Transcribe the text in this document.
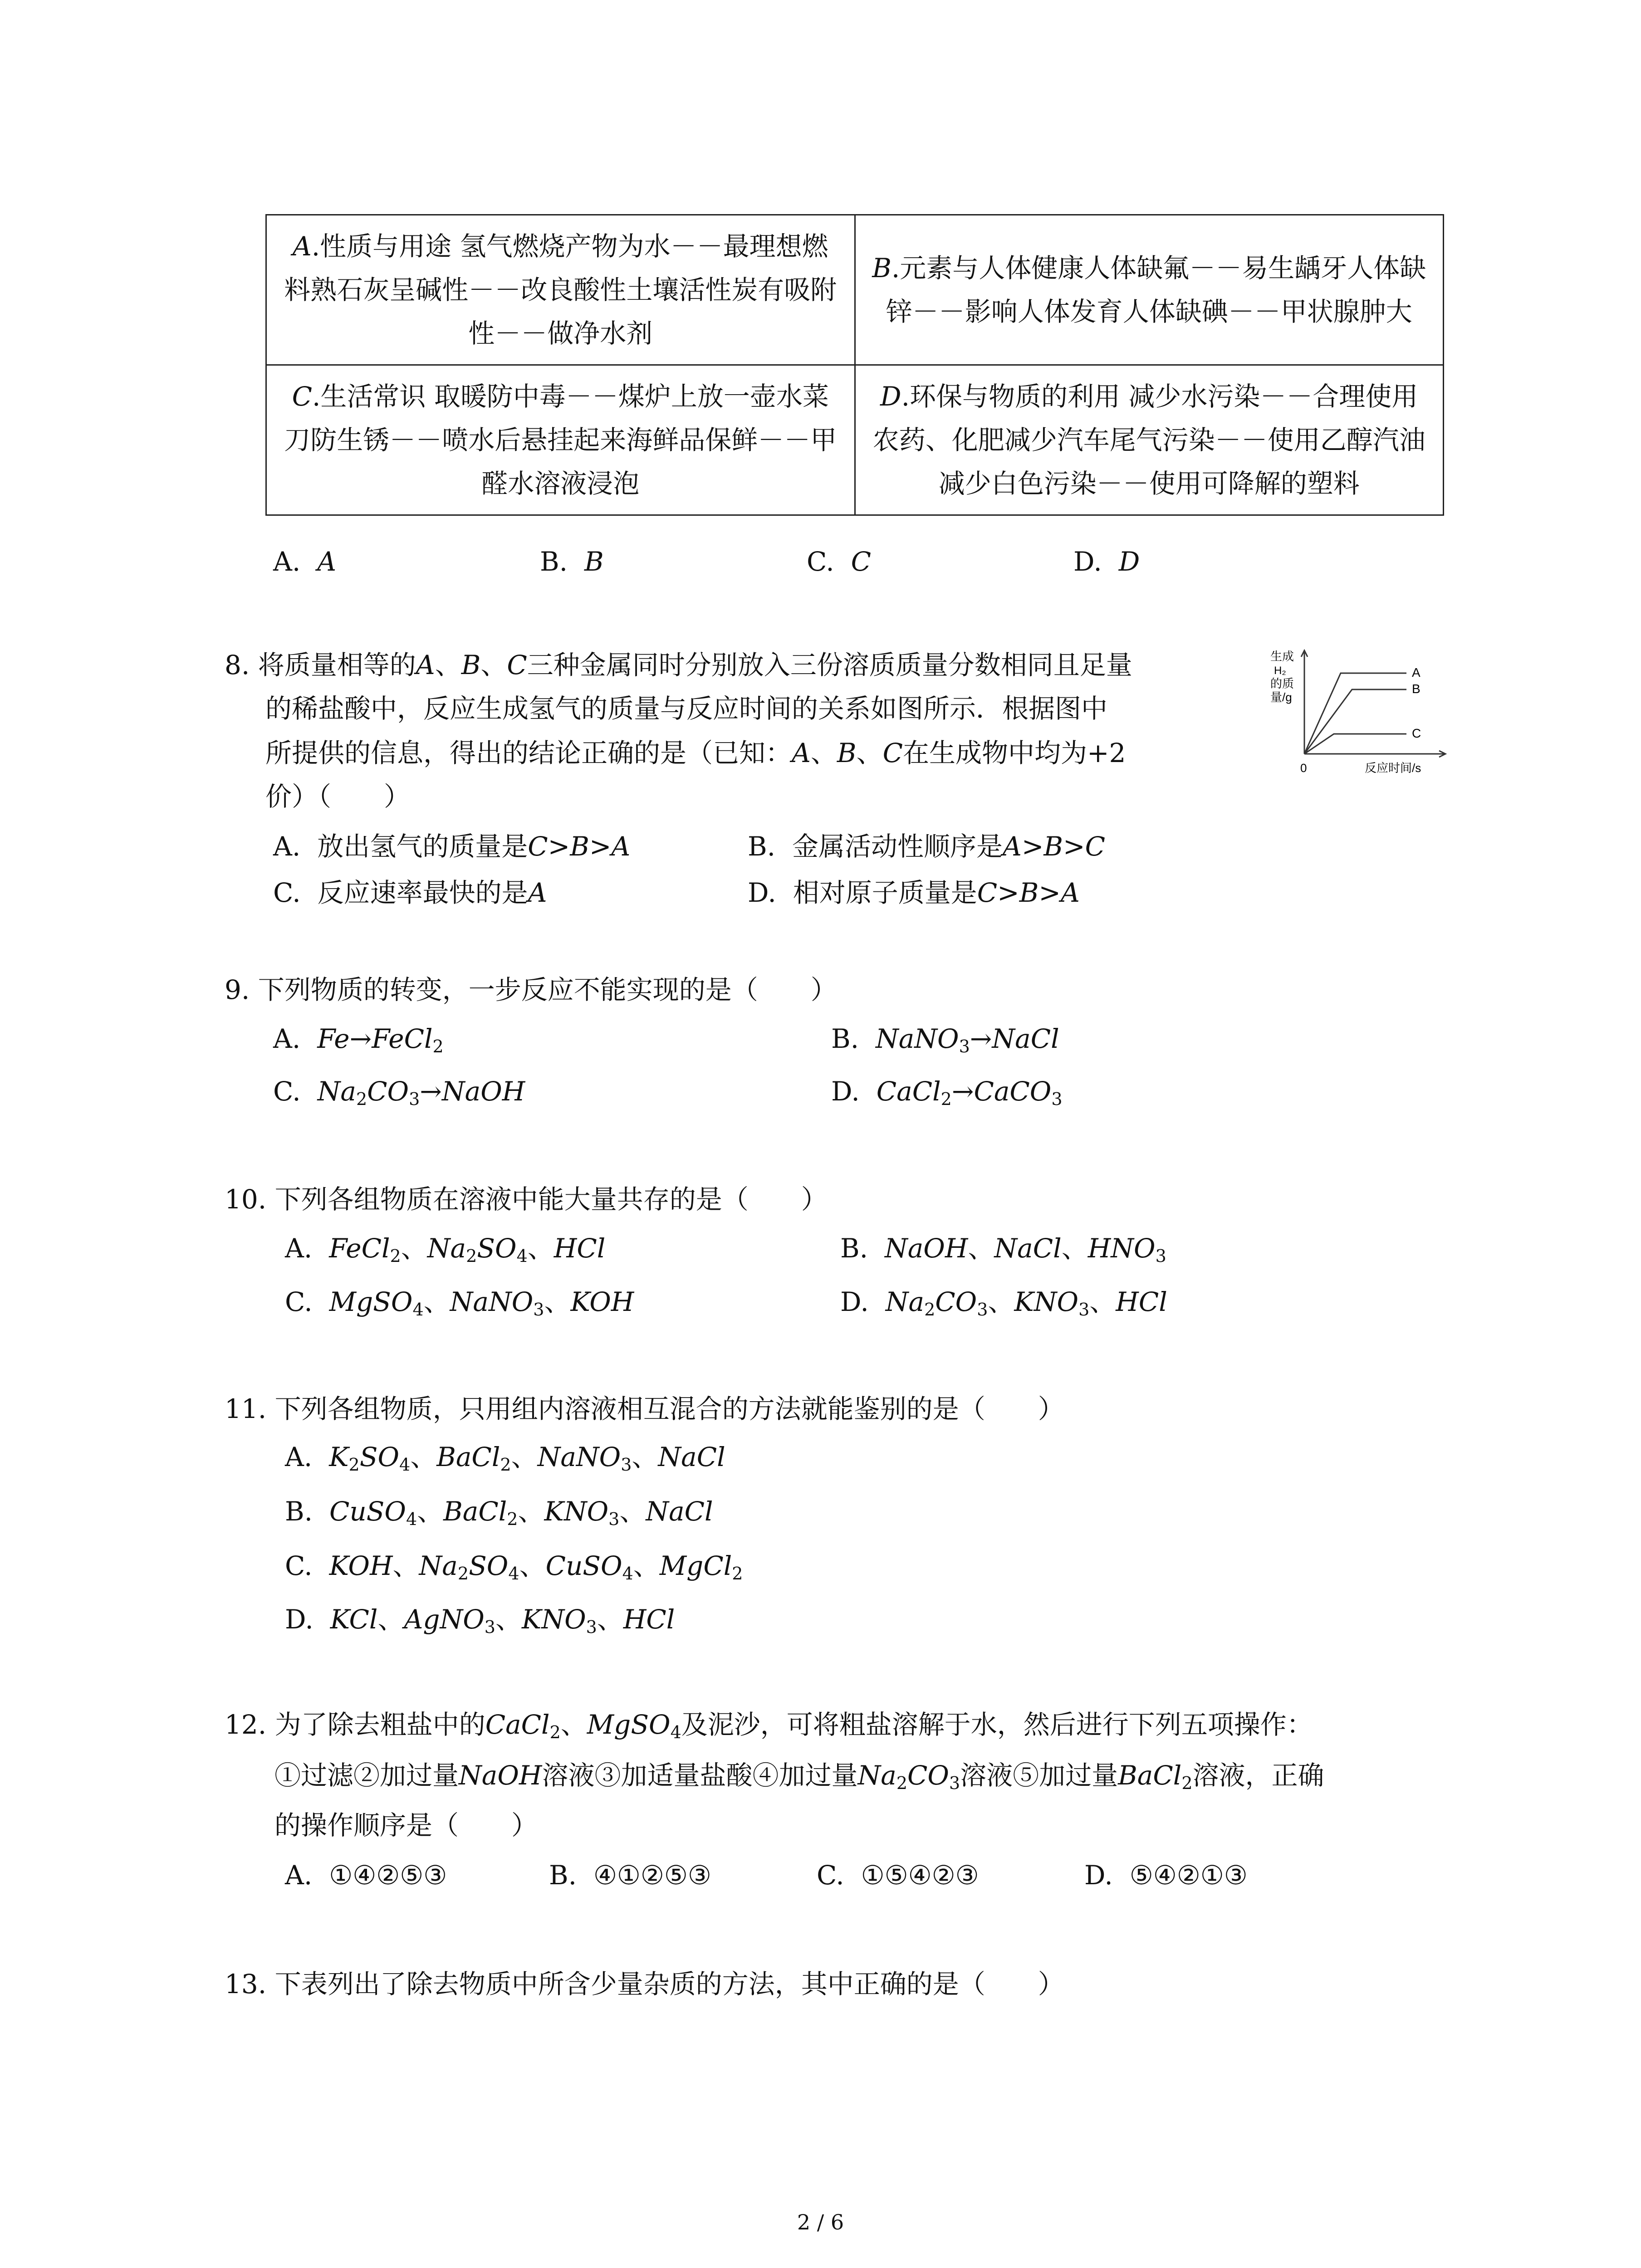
A.性质与用途 氢气燃烧产物为水－－最理想燃料熟石灰呈碱性－－改良酸性土壤活性炭有吸附性－－做净水剂	B.元素与人体健康人体缺氟－－易生龋牙人体缺锌－－影响人体发育人体缺碘－－甲状腺肿大
C.生活常识 取暖防中毒－－煤炉上放一壶水菜刀防生锈－－喷水后悬挂起来海鲜品保鲜－－甲醛水溶液浸泡	D.环保与物质的利用 减少水污染－－合理使用农药、化肥减少汽车尾气污染－－使用乙醇汽油 减少白色污染－－使用可降解的塑料
A. A	B. B	C. C	D. D
8. 将质量相等的A、B、C三种金属同时分别放入三份溶质质量分数相同且足量
的稀盐酸中，反应生成氢气的质量与反应时间的关系如图所示．根据图中
所提供的信息，得出的结论正确的是（已知：A、B、C在生成物中均为+2
价）（　　）
A. 放出氢气的质量是C>B>A	B. 金属活动性顺序是A>B>C
C. 反应速率最快的是A	D. 相对原子质量是C>B>A
生成
H₂
的质
量/g
A
B
C
0	反应时间/s
9. 下列物质的转变，一步反应不能实现的是（　　）
A. Fe→FeCl$_2$	B. NaNO$_3$→NaCl
C. $Na_2CO_3\to NaOH$	D. CaCl$_2$→CaCO$_3$
10. 下列各组物质在溶液中能大量共存的是（　　）
A. FeCl$_2$、$Na_2SO_4$、HCl	B. NaOH、NaCl、$HNO_3$
C. MgSO$_4$、NaNO$_3$、KOH	D. $Na_2CO_3$、$KNO_3$、HCl
11. 下列各组物质，只用组内溶液相互混合的方法就能鉴别的是（　　）
A. $K_2SO_4$、BaCl$_2$、NaNO$_3$、NaCl
B. CuSO$_4$、BaCl$_2$、$KNO_3$、NaCl
C. KOH、$Na_2SO_4$、CuSO$_4$、MgCl$_2$
D. KCl、AgNO$_3$、$KNO_3$、HCl
12. 为了除去粗盐中的CaCl$_2$、MgSO$_4$及泥沙，可将粗盐溶解于水，然后进行下列五项操作：
①过滤②加过量NaOH溶液③加适量盐酸④加过量$Na_2CO_3$溶液⑤加过量BaCl$_2$溶液，正确
的操作顺序是（　　）
A. ①④②⑤③	B. ④①②⑤③	C. ①⑤④②③	D. ⑤④②①③
13. 下表列出了除去物质中所含少量杂质的方法，其中正确的是（　　）
2 / 6
